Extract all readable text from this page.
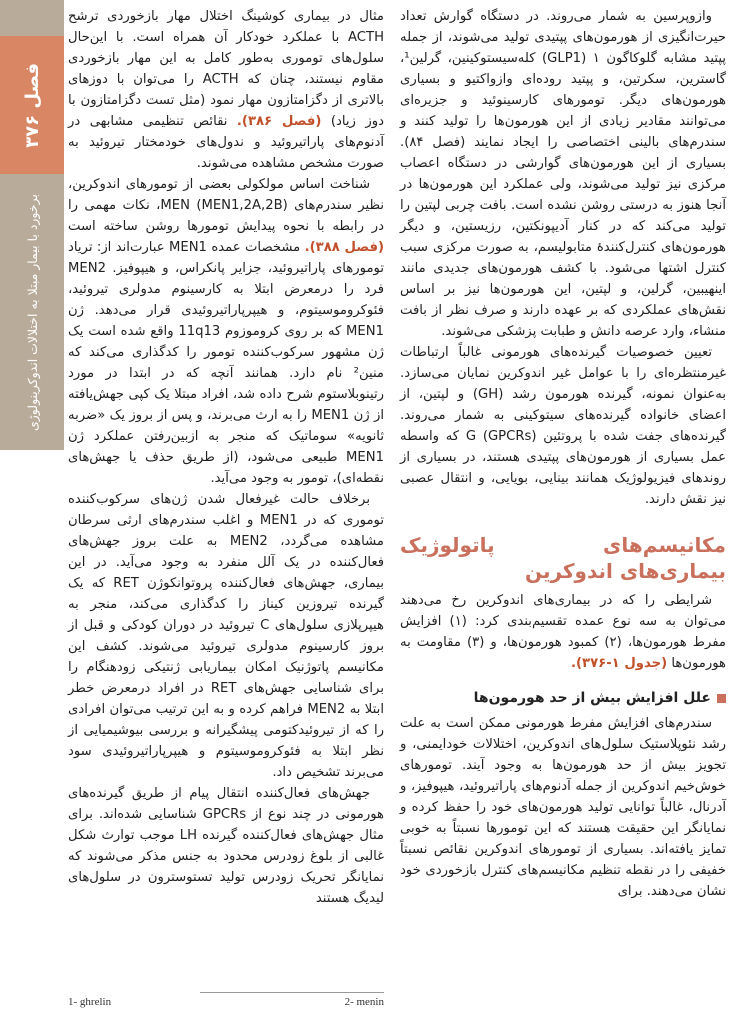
فصل ۳۷۶
برخورد با بیمار مبتلا به اختلالات اندوکرینولوژی

وازوپرسین به شمار می‌روند. در دستگاه گوارش تعداد حیرت‌انگیزی از هورمون‌های پپتیدی تولید می‌شوند، از جمله پپتید مشابه گلوکاگون ۱ (GLP1) کله‌سیستوکینین، گرلین¹، گاسترین، سکرتین، و پپتید روده‌ای وازواکتیو و بسیاری هورمون‌های دیگر. تومورهای کارسینوئید و جزیره‌ای می‌توانند مقادیر زیادی از این هورمون‌ها را تولید کنند و سندرم‌های بالینی اختصاصی را ایجاد نمایند (فصل ۸۴). بسیاری از این هورمون‌های گوارشی در دستگاه اعصاب مرکزی نیز تولید می‌شوند، ولی عملکرد این هورمون‌ها در آنجا هنوز به درستی روشن نشده است. بافت چربی لپتین را تولید می‌کند که در کنار آدیپونکتین، رزیستین، و دیگر هورمون‌های کنترل‌کنندهٔ متابولیسم، به صورت مرکزی سبب کنترل اشتها می‌شود. با کشف هورمون‌های جدیدی مانند اینهیبین، گرلین، و لپتین، این هورمون‌ها نیز بر اساس نقش‌های عملکردی که بر عهده دارند و صرف نظر از بافت منشاء، وارد عرصه دانش و طبابت پزشکی می‌شوند.

تعیین خصوصیات گیرنده‌های هورمونی غالباً ارتباطات غیرمنتظره‌ای را با عوامل غیر اندوکرین نمایان می‌سازد. به‌عنوان نمونه، گیرنده هورمون رشد (GH) و لپتین، از اعضای خانواده گیرنده‌های سیتوکینی به شمار می‌روند. گیرنده‌های جفت شده با پروتئین G (GPCRs) که واسطه عمل بسیاری از هورمون‌های پپتیدی هستند، در بسیاری از روندهای فیزیولوژیک همانند بینایی، بویایی، و انتقال عصبی نیز نقش دارند.

مکانیسم‌های پاتولوژیک بیماری‌های اندوکرین

شرایطی را که در بیماری‌های اندوکرین رخ می‌دهند می‌توان به سه نوع عمده تقسیم‌بندی کرد: (۱) افزایش مفرط هورمون‌ها، (۲) کمبود هورمون‌ها، و (۳) مقاومت به هورمون‌ها (جدول ۱-۳۷۶).

علل افزایش بیش از حد هورمون‌ها

سندرم‌های افزایش مفرط هورمونی ممکن است به علت رشد نئوپلاستیک سلول‌های اندوکرین، اختلالات خودایمنی، و تجویز بیش از حد هورمون‌ها به وجود آیند. تومورهای خوش‌خیم اندوکرین از جمله آدنوم‌های پاراتیروئید، هیپوفیز، و آدرنال، غالباً توانایی تولید هورمون‌های خود را حفظ کرده و نمایانگر این حقیقت هستند که این تومورها نسبتاً به خوبی تمایز یافته‌اند. بسیاری از تومورهای اندوکرین نقائص نسبتاً خفیفی را در نقطه تنظیم مکانیسم‌های کنترل بازخوردی خود نشان می‌دهند. برای

مثال در بیماری کوشینگ اختلال مهار بازخوردی ترشح ACTH با عملکرد خودکار آن همراه است. با این‌حال سلول‌های توموری به‌طور کامل به این مهار بازخوردی مقاوم نیستند، چنان که ACTH را می‌توان با دوزهای بالاتری از دگزامتازون مهار نمود (مثل تست دگزامتازون با دوز زیاد) (فصل ۳۸۶). نقائص تنظیمی مشابهی در آدنوم‌های پاراتیروئید و ندول‌های خودمختار تیروئید به صورت مشخص مشاهده می‌شوند.

شناخت اساس مولکولی بعضی از تومورهای اندوکرین، نظیر سندرم‌های MEN (MEN1,2A,2B)، نکات مهمی را در رابطه با نحوه پیدایش تومورها روشن ساخته است (فصل ۳۸۸). مشخصات عمده MEN1 عبارت‌اند از: تریاد تومورهای پاراتیروئید، جزایر پانکراس، و هیپوفیز. MEN2 فرد را درمعرض ابتلا به کارسینوم مدولری تیروئید، فئوکروموسیتوم، و هیپرپاراتیروئیدی قرار می‌دهد. ژن MEN1 که بر روی کروموزوم 11q13 واقع شده است یک ژن مشهور سرکوب‌کننده تومور را کدگذاری می‌کند که منین² نام دارد. همانند آنچه که در ابتدا در مورد رتینوبلاستوم شرح داده شد، افراد مبتلا یک کپی جهش‌یافته از ژن MEN1 را به ارث می‌برند، و پس از بروز یک «ضربه ثانویه» سوماتیک که منجر به ازبین‌رفتن عملکرد ژن MEN1 طبیعی می‌شود، (از طریق حذف یا جهش‌های نقطه‌ای)، تومور به وجود می‌آید.

برخلاف حالت غیرفعال شدن ژن‌های سرکوب‌کننده توموری که در MEN1 و اغلب سندرم‌های ارثی سرطان مشاهده می‌گردد، MEN2 به علت بروز جهش‌های فعال‌کننده در یک آلل منفرد به وجود می‌آید. در این بیماری، جهش‌های فعال‌کننده پروتوانکوژن RET که یک گیرنده تیروزین کیناز را کدگذاری می‌کند، منجر به هیپرپلازی سلول‌های C تیروئید در دوران کودکی و قبل از بروز کارسینوم مدولری تیروئید می‌شوند. کشف این مکانیسم پاتوژنیک امکان بیماریابی ژنتیکی زودهنگام را برای شناسایی جهش‌های RET در افراد درمعرض خطر ابتلا به MEN2 فراهم کرده و به این ترتیب می‌توان افرادی را که از تیروئیدکتومی پیشگیرانه و بررسی بیوشیمیایی از نظر ابتلا به فئوکروموسیتوم و هیپرپاراتیروئیدی سود می‌برند تشخیص داد.

جهش‌های فعال‌کننده انتقال پیام از طریق گیرنده‌های هورمونی در چند نوع از GPCRs شناسایی شده‌اند. برای مثال جهش‌های فعال‌کننده گیرنده LH موجب توارث شکل غالبی از بلوغ زودرس محدود به جنس مذکر می‌شوند که نمایانگر تحریک زودرس تولید تستوسترون در سلول‌های لیدیگ هستند

1- ghrelin	2- menin
